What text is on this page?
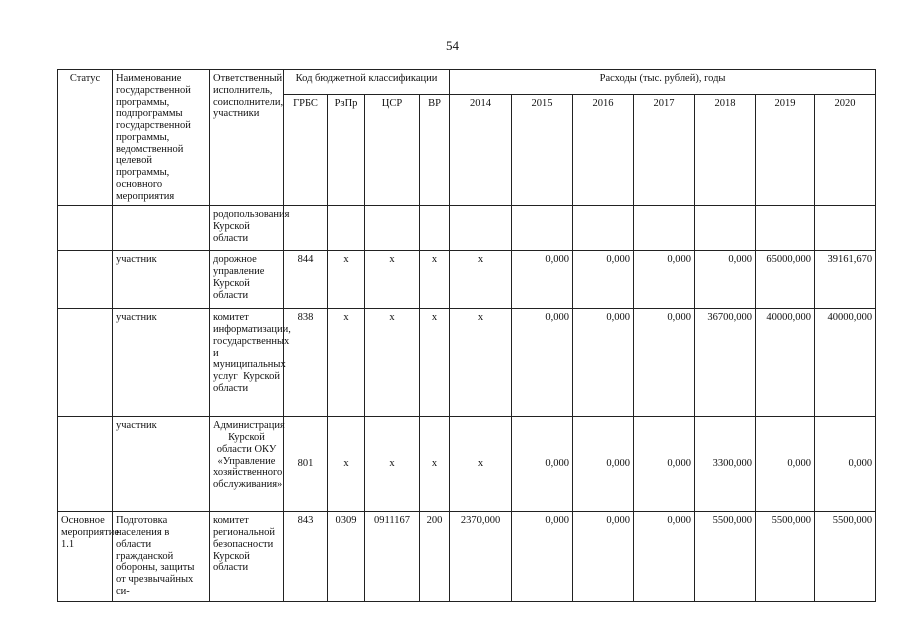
54
Статус	Наименование государственной программы, подпрограммы государственной программы, ведомственной целевой программы, основного мероприятия	Ответственный исполнитель, соисполнители, участники	Код бюджетной классификации				Расходы (тыс. рублей), годы						
			ГРБС	РзПр	ЦСР	ВР	2014	2015	2016	2017	2018	2019	2020
		родопользования Курской области											
	участник	дорожное управление Курской области	844	х	х	х	х	0,000	0,000	0,000	0,000	65000,000	39161,670
	участник	комитет информатизации, государственных и муниципальных услуг Курской области	838	х	х	х	х	0,000	0,000	0,000	36700,000	40000,000	40000,000
	участник	Администрация Курской области ОКУ «Управление хозяйственного обслуживания»	801	х	х	х	х	0,000	0,000	0,000	3300,000	0,000	0,000
Основное мероприятие 1.1	Подготовка населения в области гражданской обороны, защиты от чрезвычайных си-	комитет региональной безопасности Курской области	843	0309	0911167	200	2370,000	0,000	0,000	0,000	5500,000	5500,000	5500,000
